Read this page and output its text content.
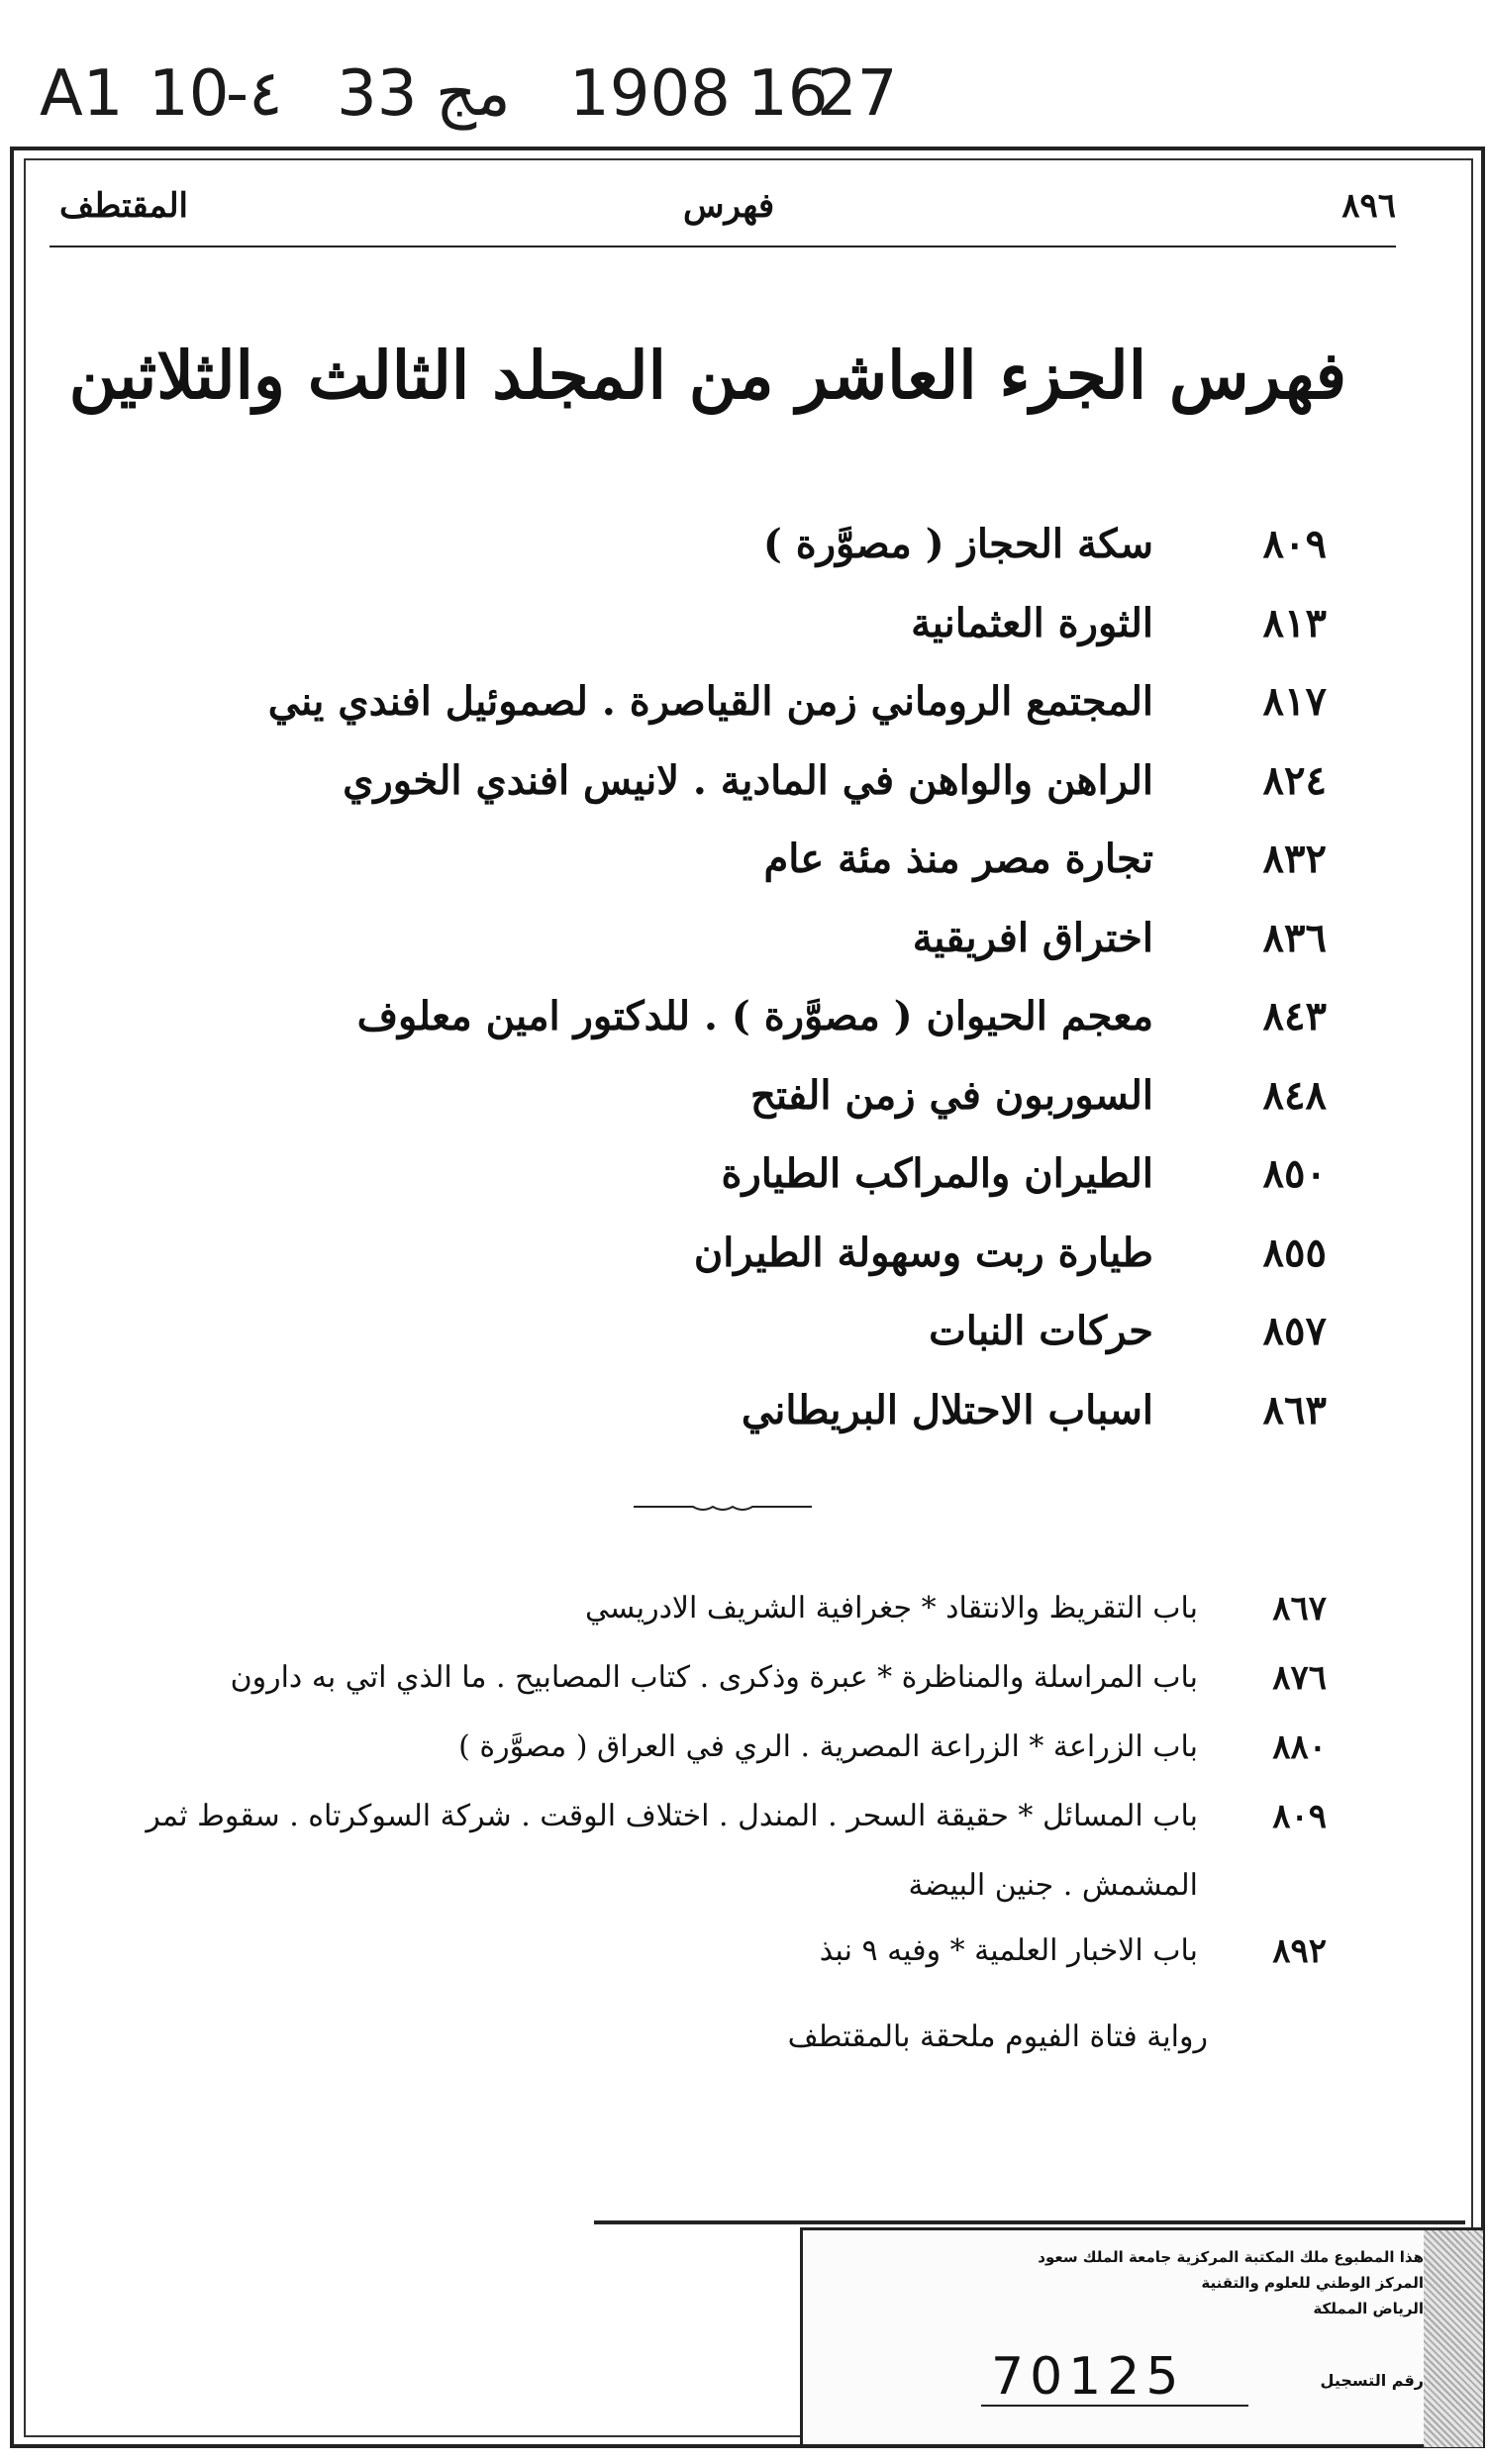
A1 10
-٤ 33 مج 1908 16
27
٨٩٦
فهرس
المقتطف
فهرس الجزء العاشر من المجلد الثالث والثلاثين
٨٠٩
سكة الحجاز ( مصوَّرة )
٨١٣
الثورة العثمانية
٨١٧
المجتمع الروماني زمن القياصرة . لصموئيل افندي يني
٨٢٤
الراهن والواهن في المادية . لانيس افندي الخوري
٨٣٢
تجارة مصر منذ مئة عام
٨٣٦
اختراق افريقية
٨٤٣
معجم الحيوان ( مصوَّرة ) . للدكتور امين معلوف
٨٤٨
السوربون في زمن الفتح
٨٥٠
الطيران والمراكب الطيارة
٨٥٥
طيارة ربت وسهولة الطيران
٨٥٧
حركات النبات
٨٦٣
اسباب الاحتلال البريطاني
٨٦٧
باب التقريظ والانتقاد * جغرافية الشريف الادريسي
٨٧٦
باب المراسلة والمناظرة * عبرة وذكرى . كتاب المصابيح . ما الذي اتي به دارون
٨٨٠
باب الزراعة * الزراعة المصرية . الري في العراق ( مصوَّرة )
٨٠٩
باب المسائل * حقيقة السحر . المندل . اختلاف الوقت . شركة السوكرتاه . سقوط ثمر
المشمش . جنين البيضة
٨٩٢
باب الاخبار العلمية * وفيه ٩ نبذ
رواية فتاة الفيوم ملحقة بالمقتطف
هذا المطبوع ملك المكتبة المركزية جامعة الملك سعود
المركز الوطني للعلوم والتقنية
الرياض المملكة
رقم التسجيل
70125
